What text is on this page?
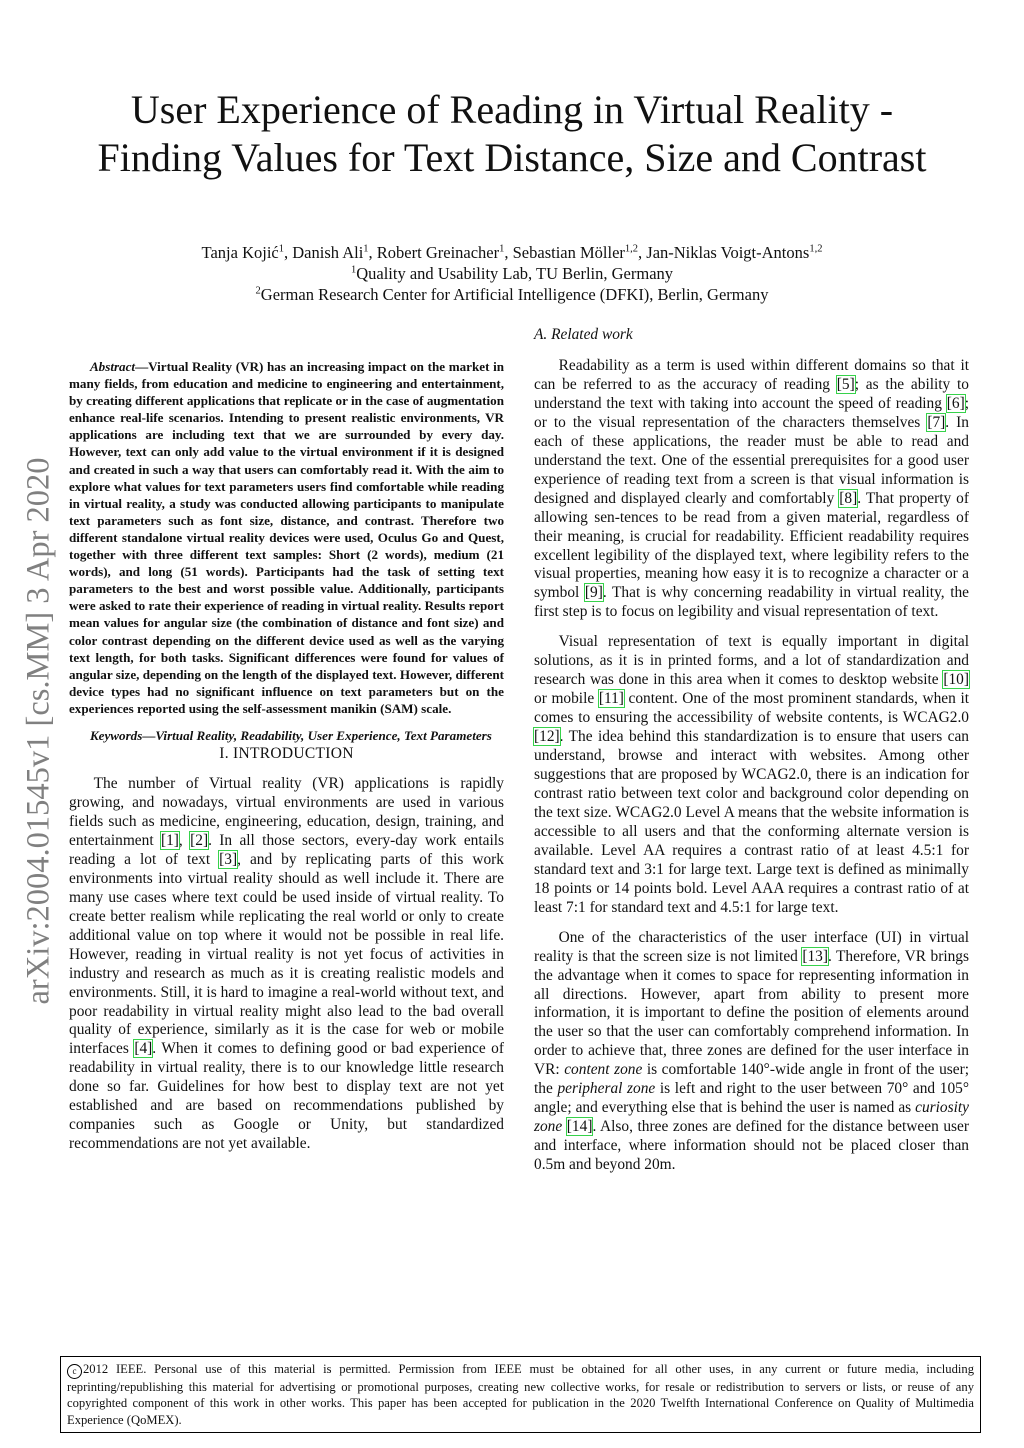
User Experience of Reading in Virtual Reality -
Finding Values for Text Distance, Size and Contrast
Tanja Kojić$^1$, Danish Ali$^1$, Robert Greinacher$^1$, Sebastian Möller$^{1,2}$, Jan-Niklas Voigt-Antons$^{1,2}$
$^1$Quality and Usability Lab, TU Berlin, Germany
$^2$German Research Center for Artificial Intelligence (DFKI), Berlin, Germany
arXiv:2004.01545v1 [cs.MM] 3 Apr 2020

Abstract—Virtual Reality (VR) has an increasing impact on the market in many fields, from education and medicine to engineering and entertainment, by creating different applications that replicate or in the case of augmentation enhance real-life scenarios. Intending to present realistic environments, VR applications are including text that we are surrounded by every day. However, text can only add value to the virtual environment if it is designed and created in such a way that users can comfortably read it. With the aim to explore what values for text parameters users find comfortable while reading in virtual reality, a study was conducted allowing participants to manipulate text parameters such as font size, distance, and contrast. Therefore two different standalone virtual reality devices were used, Oculus Go and Quest, together with three different text samples: Short (2 words), medium (21 words), and long (51 words). Participants had the task of setting text parameters to the best and worst possible value. Additionally, participants were asked to rate their experience of reading in virtual reality. Results report mean values for angular size (the combination of distance and font size) and color contrast depending on the different device used as well as the varying text length, for both tasks. Significant differences were found for values of angular size, depending on the length of the displayed text. However, different device types had no significant influence on text parameters but on the experiences reported using the self-assessment manikin (SAM) scale.

Keywords—Virtual Reality, Readability, User Experience, Text Parameters

I. INTRODUCTION

The number of Virtual reality (VR) applications is rapidly growing, and nowadays, virtual environments are used in various fields such as medicine, engineering, education, design, training, and entertainment [1], [2]. In all those sectors, every-day work entails reading a lot of text [3], and by replicating parts of this work environments into virtual reality should as well include it. There are many use cases where text could be used inside of virtual reality. To create better realism while replicating the real world or only to create additional value on top where it would not be possible in real life. However, reading in virtual reality is not yet focus of activities in industry and research as much as it is creating realistic models and environments. Still, it is hard to imagine a real-world without text, and poor readability in virtual reality might also lead to the bad overall quality of experience, similarly as it is the case for web or mobile interfaces [4]. When it comes to defining good or bad experience of readability in virtual reality, there is to our knowledge little research done so far. Guidelines for how best to display text are not yet established and are based on recommendations published by companies such as Google or Unity, but standardized recommendations are not yet available.

A. Related work

Readability as a term is used within different domains so that it can be referred to as the accuracy of reading [5]; as the ability to understand the text with taking into account the speed of reading [6]; or to the visual representation of the characters themselves [7]. In each of these applications, the reader must be able to read and understand the text. One of the essential prerequisites for a good user experience of reading text from a screen is that visual information is designed and displayed clearly and comfortably [8]. That property of allowing sen-tences to be read from a given material, regardless of their meaning, is crucial for readability. Efficient readability requires excellent legibility of the displayed text, where legibility refers to the visual properties, meaning how easy it is to recognize a character or a symbol [9]. That is why concerning readability in virtual reality, the first step is to focus on legibility and visual representation of text.

Visual representation of text is equally important in digital solutions, as it is in printed forms, and a lot of standardization and research was done in this area when it comes to desktop website [10] or mobile [11] content. One of the most prominent standards, when it comes to ensuring the accessibility of website contents, is WCAG2.0 [12]. The idea behind this standardization is to ensure that users can understand, browse and interact with websites. Among other suggestions that are proposed by WCAG2.0, there is an indication for contrast ratio between text color and background color depending on the text size. WCAG2.0 Level A means that the website information is accessible to all users and that the conforming alternate version is available. Level AA requires a contrast ratio of at least 4.5:1 for standard text and 3:1 for large text. Large text is defined as minimally 18 points or 14 points bold. Level AAA requires a contrast ratio of at least 7:1 for standard text and 4.5:1 for large text.

One of the characteristics of the user interface (UI) in virtual reality is that the screen size is not limited [13]. Therefore, VR brings the advantage when it comes to space for representing information in all directions. However, apart from ability to present more information, it is important to define the position of elements around the user so that the user can comfortably comprehend information. In order to achieve that, three zones are defined for the user interface in VR: content zone is comfortable 140°-wide angle in front of the user; the peripheral zone is left and right to the user between 70° and 105° angle; and everything else that is behind the user is named as curiosity zone [14]. Also, three zones are defined for the distance between user and interface, where information should not be placed closer than 0.5m and beyond 20m.

c 2012 IEEE. Personal use of this material is permitted. Permission from IEEE must be obtained for all other uses, in any current or future media, including reprinting/republishing this material for advertising or promotional purposes, creating new collective works, for resale or redistribution to servers or lists, or reuse of any copyrighted component of this work in other works. This paper has been accepted for publication in the 2020 Twelfth International Conference on Quality of Multimedia Experience (QoMEX).
